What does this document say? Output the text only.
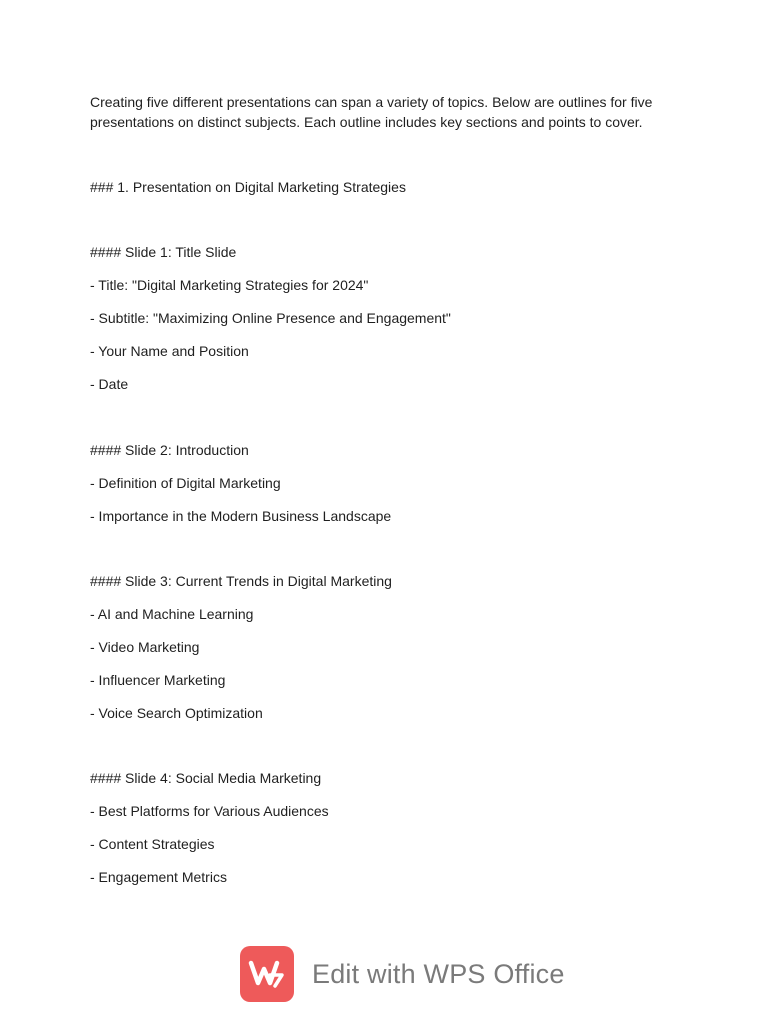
Creating five different presentations can span a variety of topics. Below are outlines for five presentations on distinct subjects. Each outline includes key sections and points to cover.
### 1. Presentation on Digital Marketing Strategies
#### Slide 1: Title Slide
- Title: "Digital Marketing Strategies for 2024"
- Subtitle: "Maximizing Online Presence and Engagement"
- Your Name and Position
- Date
#### Slide 2: Introduction
- Definition of Digital Marketing
- Importance in the Modern Business Landscape
#### Slide 3: Current Trends in Digital Marketing
- AI and Machine Learning
- Video Marketing
- Influencer Marketing
- Voice Search Optimization
#### Slide 4: Social Media Marketing
- Best Platforms for Various Audiences
- Content Strategies
- Engagement Metrics
Edit with WPS Office
